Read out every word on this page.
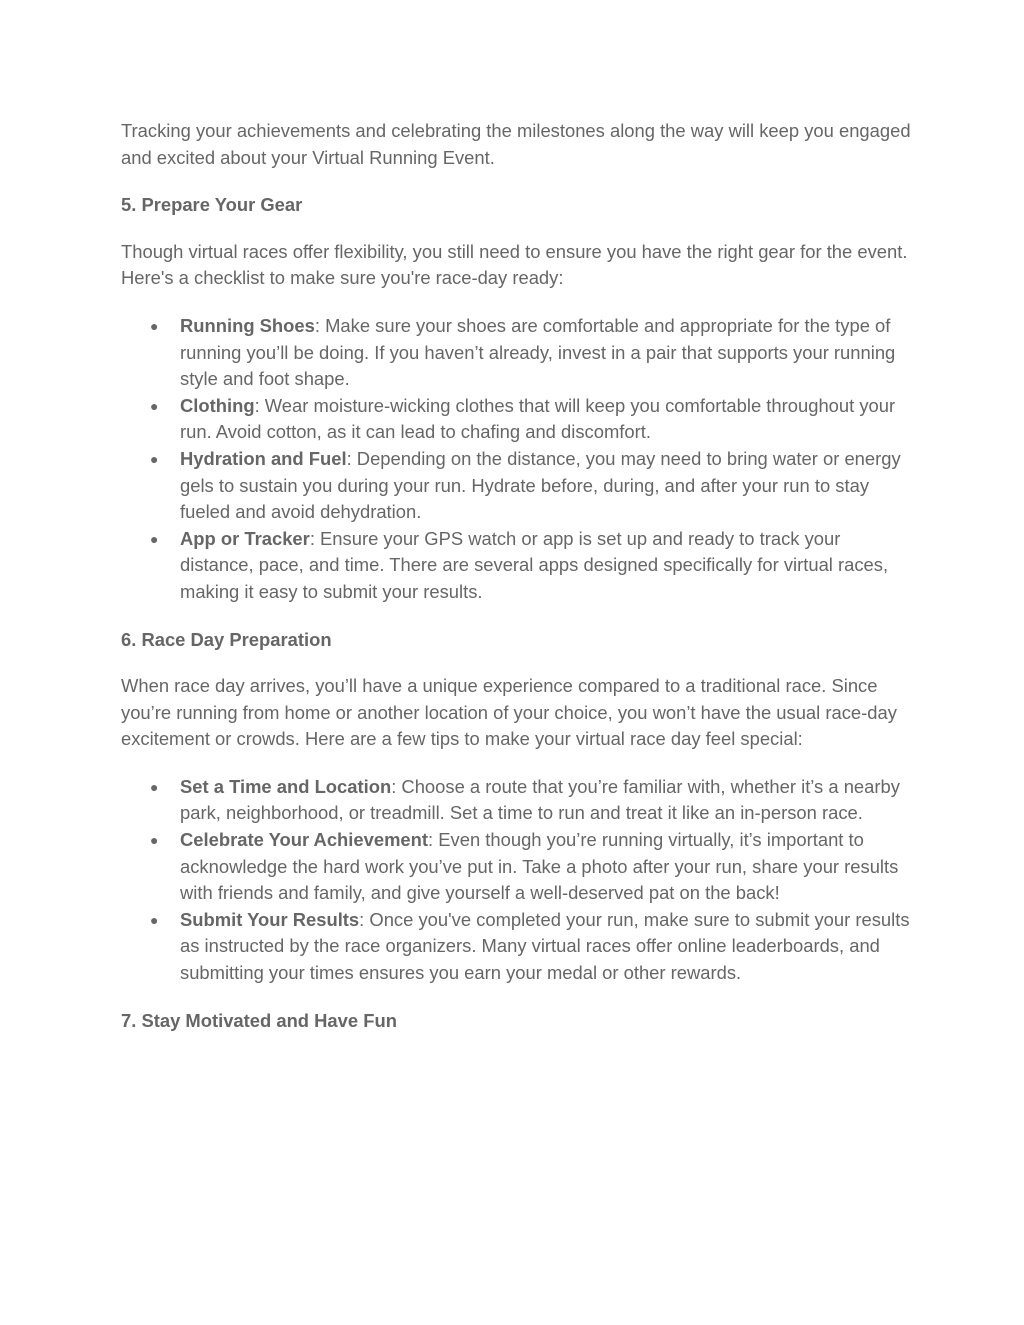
Tracking your achievements and celebrating the milestones along the way will keep you engaged and excited about your Virtual Running Event.

5. Prepare Your Gear

Though virtual races offer flexibility, you still need to ensure you have the right gear for the event. Here's a checklist to make sure you're race-day ready:

● Running Shoes: Make sure your shoes are comfortable and appropriate for the type of running you’ll be doing. If you haven’t already, invest in a pair that supports your running style and foot shape.
● Clothing: Wear moisture-wicking clothes that will keep you comfortable throughout your run. Avoid cotton, as it can lead to chafing and discomfort.
● Hydration and Fuel: Depending on the distance, you may need to bring water or energy gels to sustain you during your run. Hydrate before, during, and after your run to stay fueled and avoid dehydration.
● App or Tracker: Ensure your GPS watch or app is set up and ready to track your distance, pace, and time. There are several apps designed specifically for virtual races, making it easy to submit your results.
6. Race Day Preparation

When race day arrives, you’ll have a unique experience compared to a traditional race. Since you’re running from home or another location of your choice, you won’t have the usual race-day excitement or crowds. Here are a few tips to make your virtual race day feel special:

● Set a Time and Location: Choose a route that you’re familiar with, whether it’s a nearby park, neighborhood, or treadmill. Set a time to run and treat it like an in-person race.
● Celebrate Your Achievement: Even though you’re running virtually, it’s important to acknowledge the hard work you’ve put in. Take a photo after your run, share your results with friends and family, and give yourself a well-deserved pat on the back!
● Submit Your Results: Once you've completed your run, make sure to submit your results as instructed by the race organizers. Many virtual races offer online leaderboards, and submitting your times ensures you earn your medal or other rewards.
7. Stay Motivated and Have Fun
